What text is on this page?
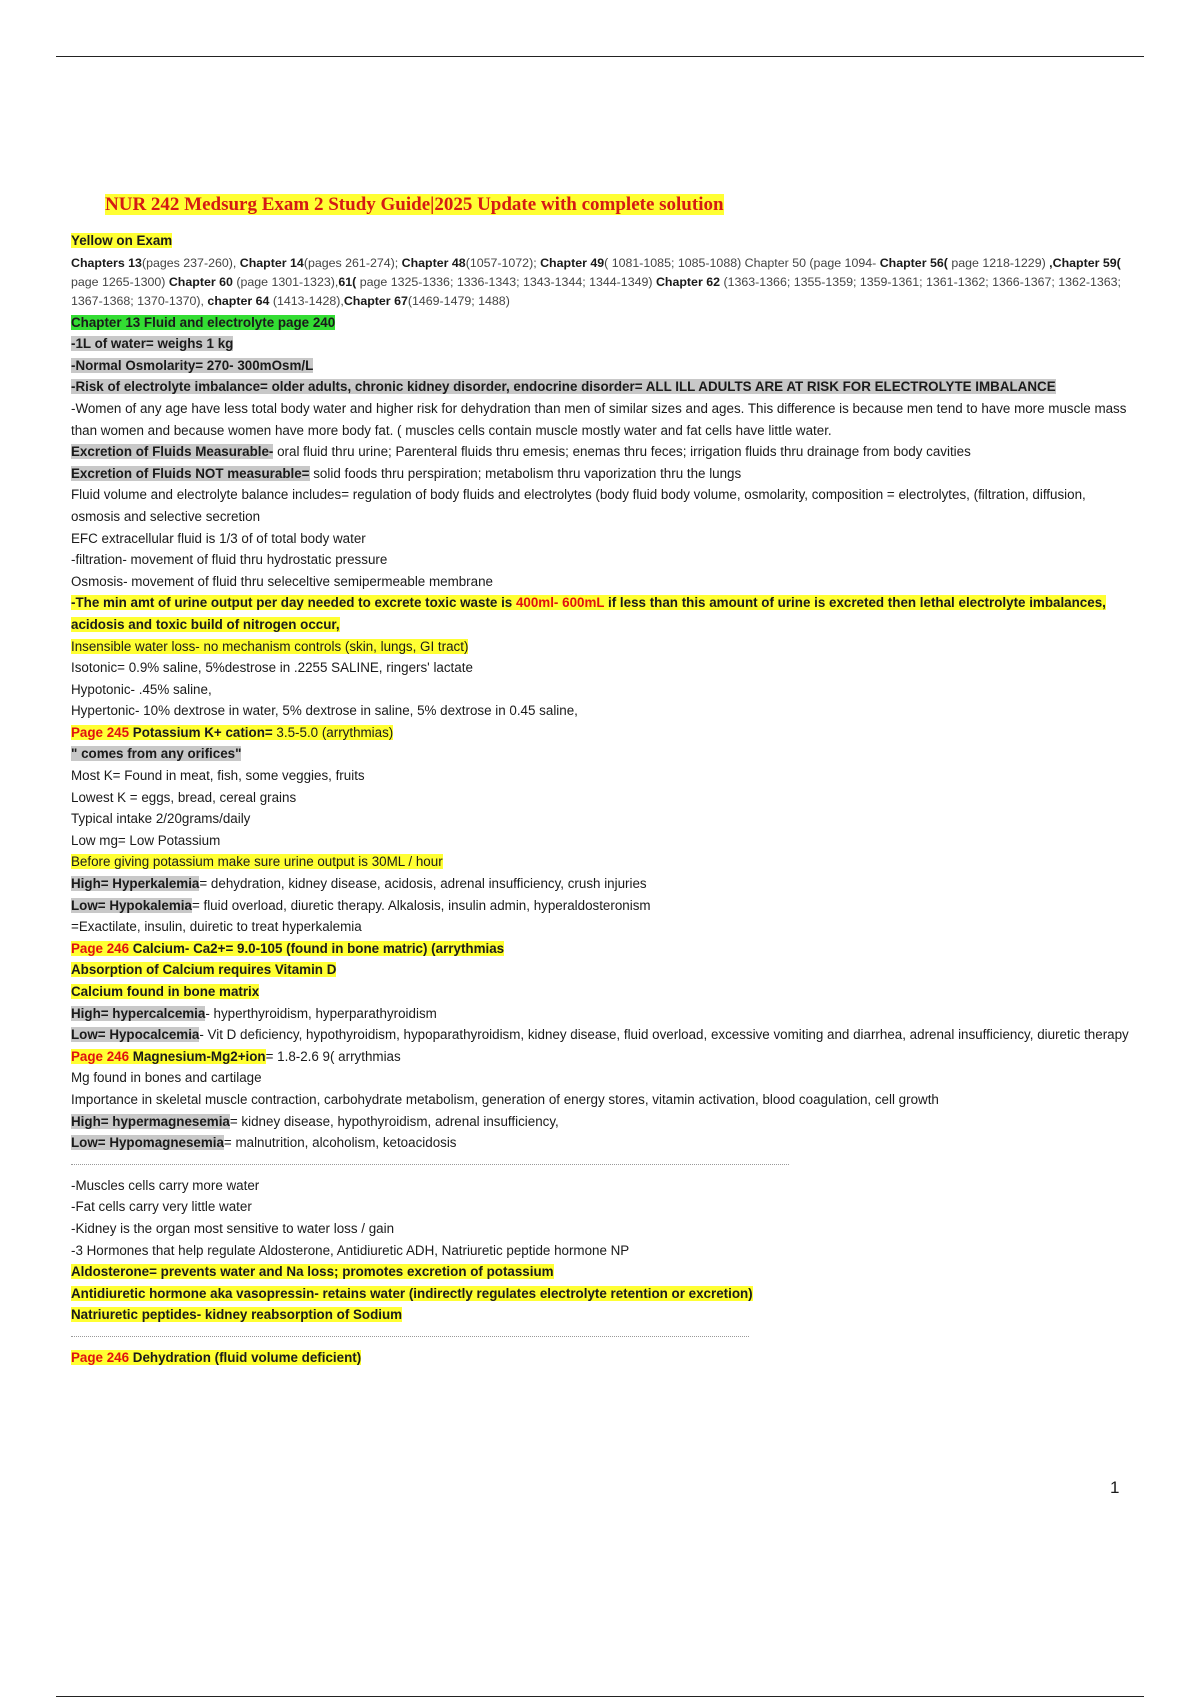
NUR 242 Medsurg Exam 2 Study Guide|2025 Update with complete solution
Yellow on Exam
Chapters 13(pages 237-260), Chapter 14(pages 261-274); Chapter 48(1057-1072); Chapter 49( 1081-1085; 1085-1088) Chapter 50 (page 1094- Chapter 56( page 1218-1229) ,Chapter 59( page 1265-1300) Chapter 60 (page 1301-1323),61( page 1325-1336; 1336-1343; 1343-1344; 1344-1349) Chapter 62 (1363-1366; 1355-1359; 1359-1361; 1361-1362; 1366-1367; 1362-1363; 1367-1368; 1370-1370), chapter 64 (1413-1428),Chapter 67(1469-1479; 1488)
Chapter 13 Fluid and electrolyte page 240
-1L of water= weighs 1 kg
-Normal Osmolarity= 270- 300mOsm/L
-Risk of electrolyte imbalance= older adults, chronic kidney disorder, endocrine disorder= ALL ILL ADULTS ARE AT RISK FOR ELECTROLYTE IMBALANCE
-Women of any age have less total body water and higher risk for dehydration than men of similar sizes and ages. This difference is because men tend to have more muscle mass than women and because women have more body fat. ( muscles cells contain muscle mostly water and fat cells have little water.
Excretion of Fluids Measurable- oral fluid thru urine; Parenteral fluids thru emesis; enemas thru feces; irrigation fluids thru drainage from body cavities
Excretion of Fluids NOT measurable= solid foods thru perspiration; metabolism thru vaporization thru the lungs
Fluid volume and electrolyte balance includes= regulation of body fluids and electrolytes (body fluid body volume, osmolarity, composition = electrolytes, (filtration, diffusion, osmosis and selective secretion
EFC extracellular fluid is 1/3 of of total body water
-filtration- movement of fluid thru hydrostatic pressure
Osmosis- movement of fluid thru seleceltive semipermeable membrane
-The min amt of urine output per day needed to excrete toxic waste is 400ml- 600mL if less than this amount of urine is excreted then lethal electrolyte imbalances, acidosis and toxic build of nitrogen occur,
Insensible water loss- no mechanism controls (skin, lungs, GI tract)
Isotonic= 0.9% saline, 5%destrose in .2255 SALINE, ringers' lactate
Hypotonic- .45% saline,
Hypertonic- 10% dextrose in water, 5% dextrose in saline, 5% dextrose in 0.45 saline,
Page 245 Potassium K+ cation= 3.5-5.0 (arrythmias)
" comes from any orifices"
Most K= Found in meat, fish, some veggies, fruits
Lowest K = eggs, bread, cereal grains
Typical intake 2/20grams/daily
Low mg= Low Potassium
Before giving potassium make sure urine output is 30ML / hour
High= Hyperkalemia= dehydration, kidney disease, acidosis, adrenal insufficiency, crush injuries
Low= Hypokalemia= fluid overload, diuretic therapy. Alkalosis, insulin admin, hyperaldosteronism
=Exactilate, insulin, duiretic to treat hyperkalemia
Page 246 Calcium- Ca2+= 9.0-105 (found in bone matric) (arrythmias
Absorption of Calcium requires Vitamin D
Calcium found in bone matrix
High= hypercalcemia- hyperthyroidism, hyperparathyroidism
Low= Hypocalcemia- Vit D deficiency, hypothyroidism, hypoparathyroidism, kidney disease, fluid overload, excessive vomiting and diarrhea, adrenal insufficiency, diuretic therapy
Page 246 Magnesium-Mg2+ion= 1.8-2.6 9( arrythmias
Mg found in bones and cartilage
Importance in skeletal muscle contraction, carbohydrate metabolism, generation of energy stores, vitamin activation, blood coagulation, cell growth
High= hypermagnesemia= kidney disease, hypothyroidism, adrenal insufficiency,
Low= Hypomagnesemia= malnutrition, alcoholism, ketoacidosis
-Muscles cells carry more water
-Fat cells carry very little water
-Kidney is the organ most sensitive to water loss / gain
-3 Hormones that help regulate Aldosterone, Antidiuretic ADH, Natriuretic peptide hormone NP
Aldosterone= prevents water and Na loss; promotes excretion of potassium
Antidiuretic hormone aka vasopressin- retains water (indirectly regulates electrolyte retention or excretion)
Natriuretic peptides- kidney reabsorption of Sodium
Page 246 Dehydration (fluid volume deficient)
1
